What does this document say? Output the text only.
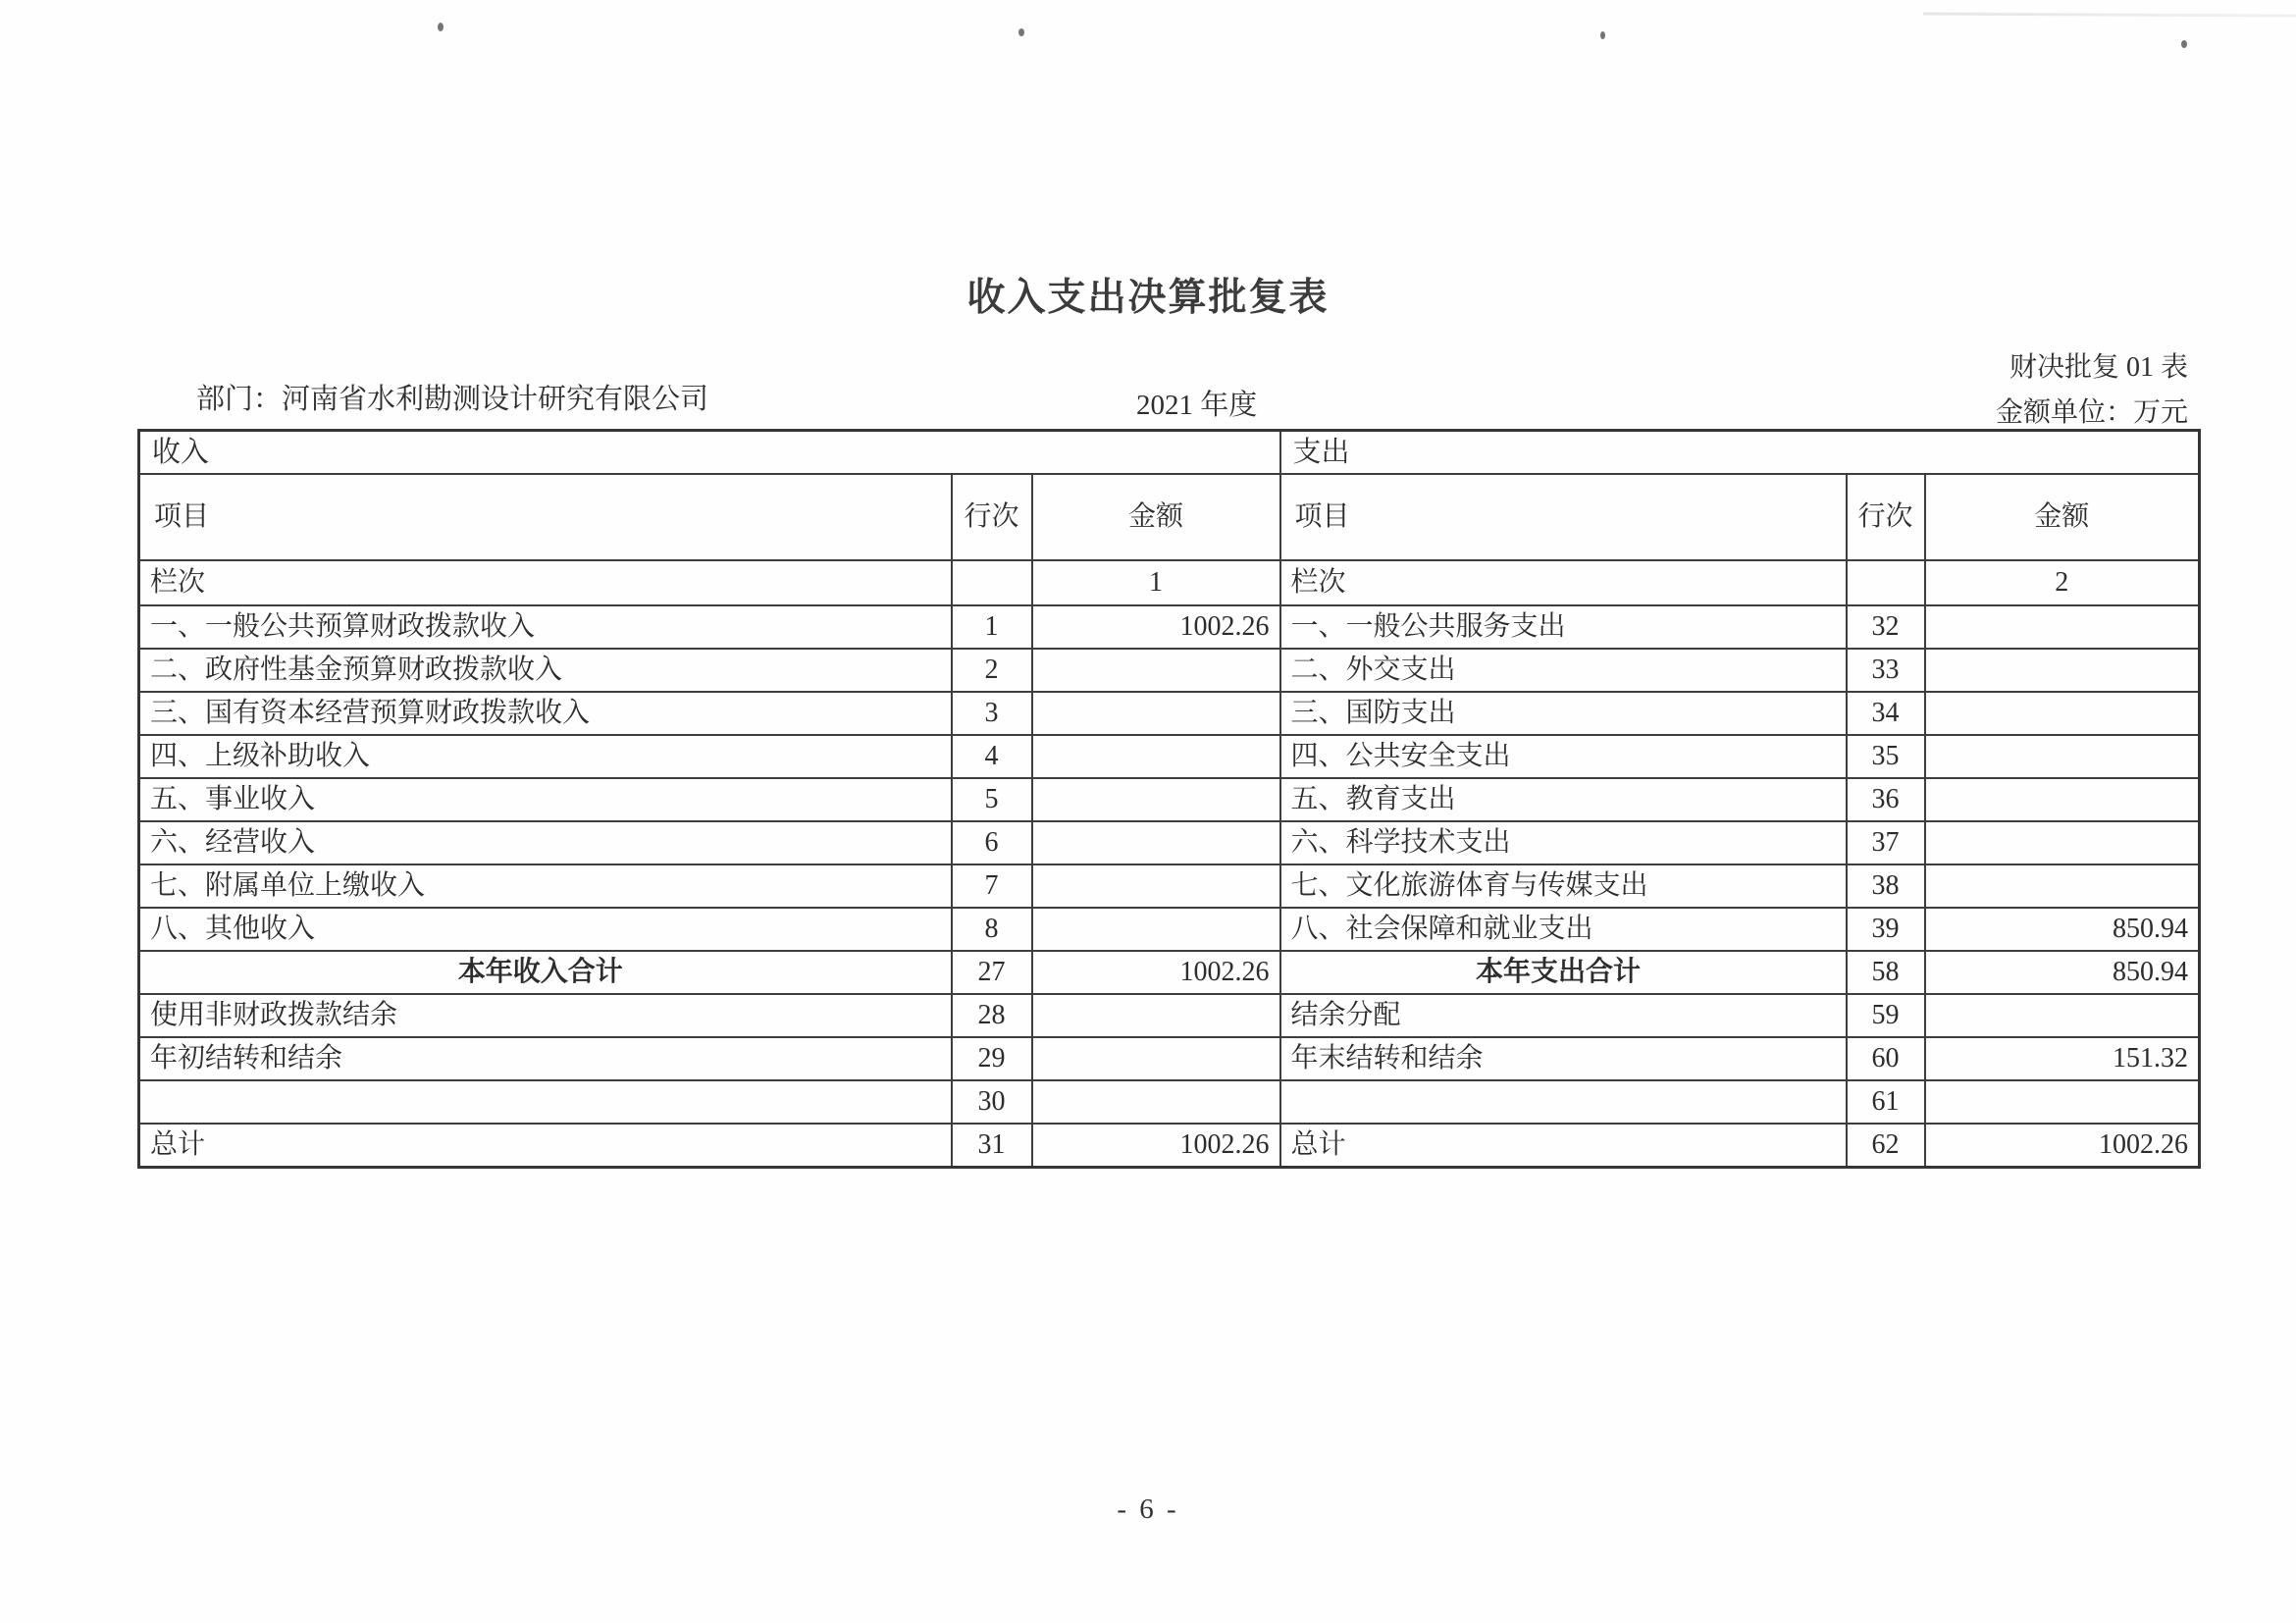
收入支出决算批复表
财决批复 01 表
部门：河南省水利勘测设计研究有限公司	2021 年度	金额单位：万元
收入			支出		
项目	行次	金额	项目	行次	金额
栏次		1	栏次		2
一、一般公共预算财政拨款收入	1	1002.26	一、一般公共服务支出	32	
二、政府性基金预算财政拨款收入	2		二、外交支出	33	
三、国有资本经营预算财政拨款收入	3		三、国防支出	34	
四、上级补助收入	4		四、公共安全支出	35	
五、事业收入	5		五、教育支出	36	
六、经营收入	6		六、科学技术支出	37	
七、附属单位上缴收入	7		七、文化旅游体育与传媒支出	38	
八、其他收入	8		八、社会保障和就业支出	39	850.94
本年收入合计	27	1002.26	本年支出合计	58	850.94
使用非财政拨款结余	28		结余分配	59	
年初结转和结余	29		年末结转和结余	60	151.32
	30			61	
总计	31	1002.26	总计	62	1002.26
- 6 -
